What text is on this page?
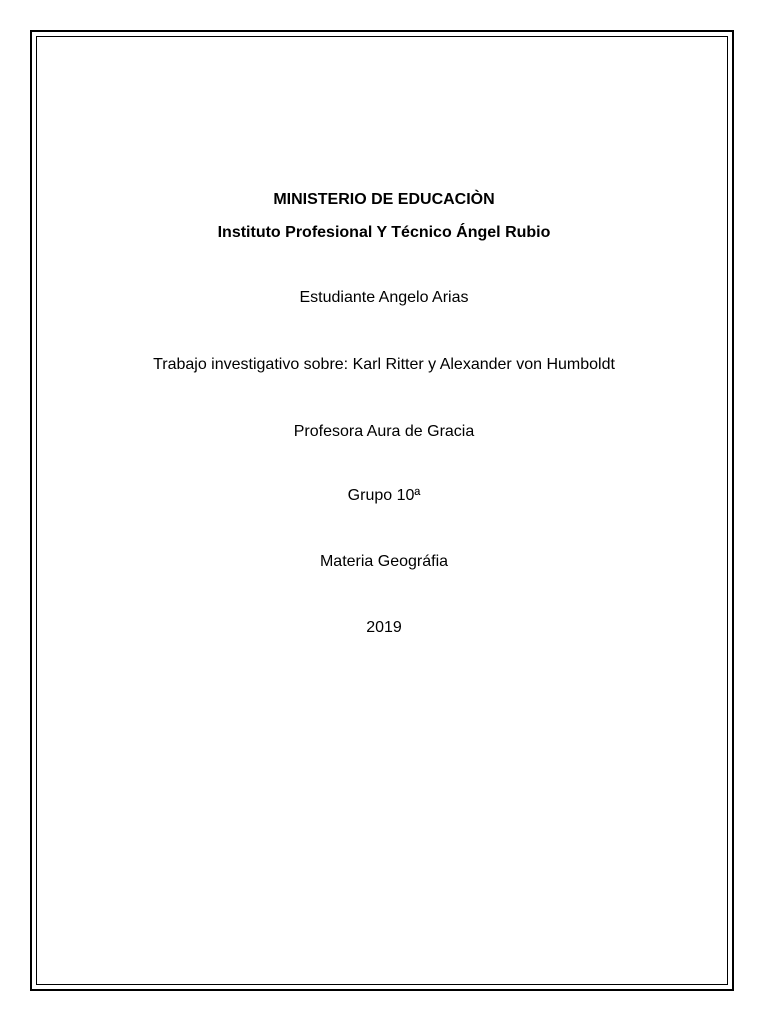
MINISTERIO DE EDUCACIÒN
Instituto Profesional Y Técnico Ángel Rubio
Estudiante Angelo Arias
Trabajo investigativo sobre: Karl Ritter y Alexander von Humboldt
Profesora Aura de Gracia
Grupo 10ª
Materia Geográfia
2019
